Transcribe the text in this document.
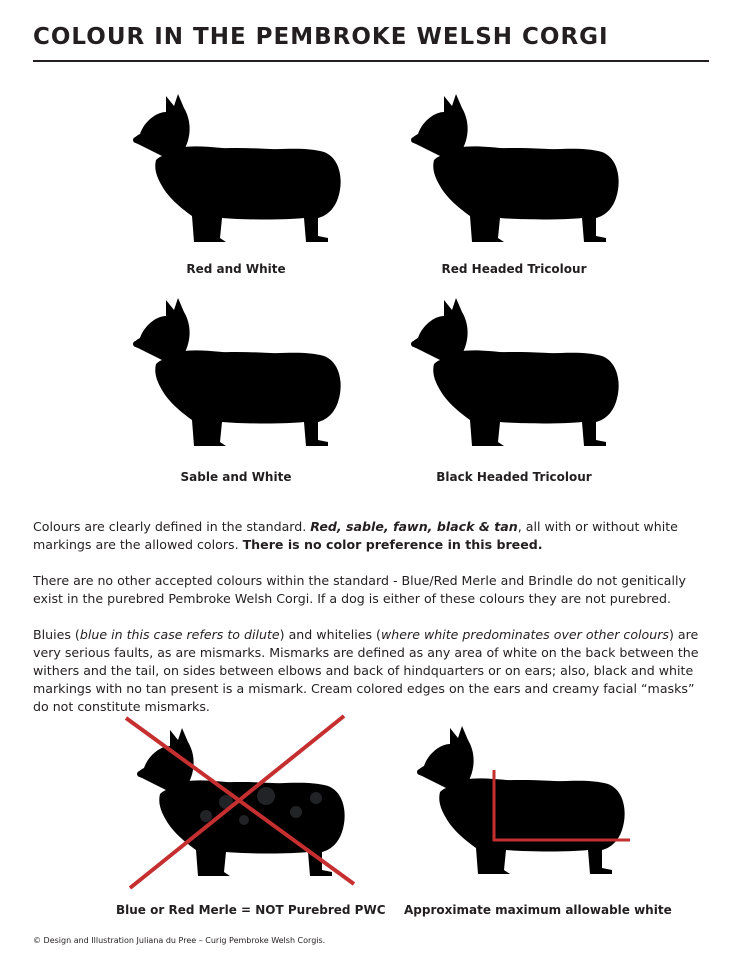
COLOUR IN THE PEMBROKE WELSH CORGI
Red and White	Red Headed Tricolour
Sable and White	Black Headed Tricolour

Colours are clearly defined in the standard. Red, sable, fawn, black & tan, all with or without white markings are the allowed colors. There is no color preference in this breed.

There are no other accepted colours within the standard - Blue/Red Merle and Brindle do not genitically exist in the purebred Pembroke Welsh Corgi. If a dog is either of these colours they are not purebred.

Bluies (blue in this case refers to dilute) and whitelies (where white predominates over other colours) are very serious faults, as are mismarks. Mismarks are defined as any area of white on the back between the withers and the tail, on sides between elbows and back of hindquarters or on ears; also, black and white markings with no tan present is a mismark. Cream colored edges on the ears and creamy facial “masks” do not constitute mismarks.

Blue or Red Merle = NOT Purebred PWC Approximate maximum allowable white
© Design and Illustration Juliana du Pree – Curig Pembroke Welsh Corgis.
